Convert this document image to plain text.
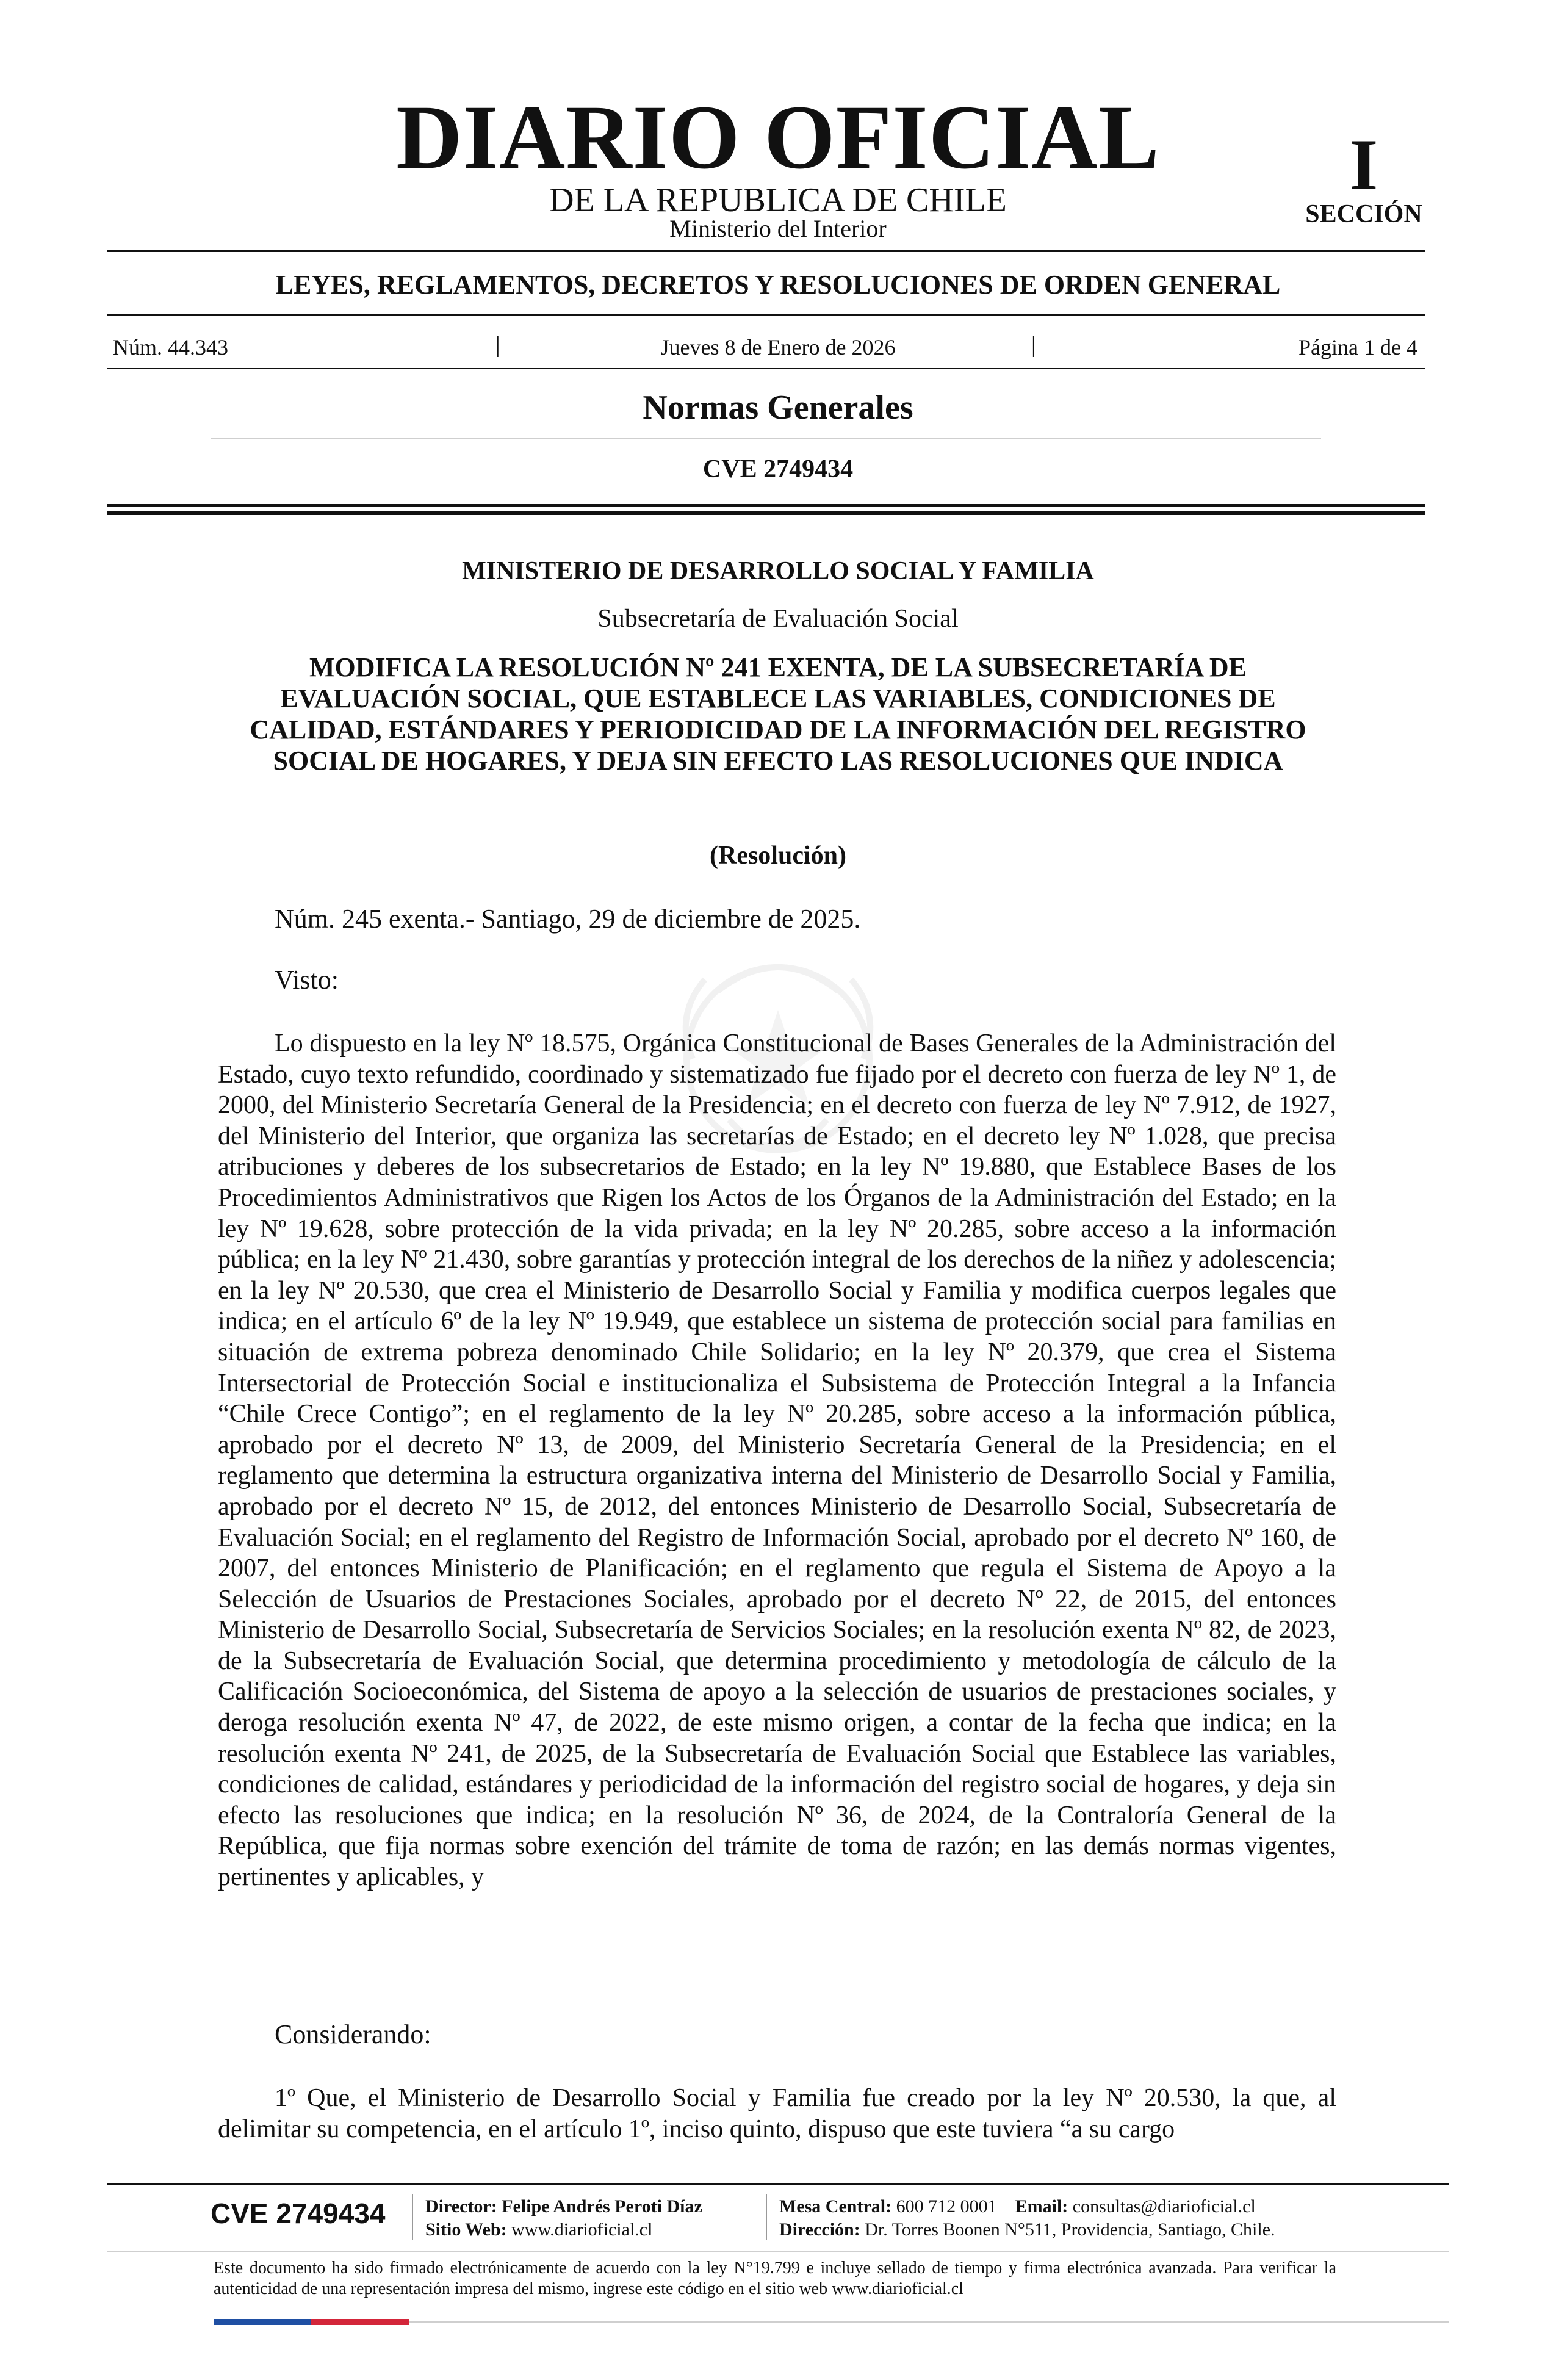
DIARIO OFICIAL
DE LA REPUBLICA DE CHILE
Ministerio del Interior
I
SECCIÓN
LEYES, REGLAMENTOS, DECRETOS Y RESOLUCIONES DE ORDEN GENERAL
Núm. 44.343	|	Jueves 8 de Enero de 2026	|	Página 1 de 4
Normas Generales
CVE 2749434
MINISTERIO DE DESARROLLO SOCIAL Y FAMILIA
Subsecretaría de Evaluación Social
MODIFICA LA RESOLUCIÓN Nº 241 EXENTA, DE LA SUBSECRETARÍA DE EVALUACIÓN SOCIAL, QUE ESTABLECE LAS VARIABLES, CONDICIONES DE CALIDAD, ESTÁNDARES Y PERIODICIDAD DE LA INFORMACIÓN DEL REGISTRO SOCIAL DE HOGARES, Y DEJA SIN EFECTO LAS RESOLUCIONES QUE INDICA
(Resolución)
Núm. 245 exenta.- Santiago, 29 de diciembre de 2025.
Visto:
Lo dispuesto en la ley Nº 18.575, Orgánica Constitucional de Bases Generales de la Administración del Estado, cuyo texto refundido, coordinado y sistematizado fue fijado por el decreto con fuerza de ley Nº 1, de 2000, del Ministerio Secretaría General de la Presidencia; en el decreto con fuerza de ley Nº 7.912, de 1927, del Ministerio del Interior, que organiza las secretarías de Estado; en el decreto ley Nº 1.028, que precisa atribuciones y deberes de los subsecretarios de Estado; en la ley Nº 19.880, que Establece Bases de los Procedimientos Administrativos que Rigen los Actos de los Órganos de la Administración del Estado; en la ley Nº 19.628, sobre protección de la vida privada; en la ley Nº 20.285, sobre acceso a la información pública; en la ley Nº 21.430, sobre garantías y protección integral de los derechos de la niñez y adolescencia; en la ley Nº 20.530, que crea el Ministerio de Desarrollo Social y Familia y modifica cuerpos legales que indica; en el artículo 6º de la ley Nº 19.949, que establece un sistema de protección social para familias en situación de extrema pobreza denominado Chile Solidario; en la ley Nº 20.379, que crea el Sistema Intersectorial de Protección Social e institucionaliza el Subsistema de Protección Integral a la Infancia “Chile Crece Contigo”; en el reglamento de la ley Nº 20.285, sobre acceso a la información pública, aprobado por el decreto Nº 13, de 2009, del Ministerio Secretaría General de la Presidencia; en el reglamento que determina la estructura organizativa interna del Ministerio de Desarrollo Social y Familia, aprobado por el decreto Nº 15, de 2012, del entonces Ministerio de Desarrollo Social, Subsecretaría de Evaluación Social; en el reglamento del Registro de Información Social, aprobado por el decreto Nº 160, de 2007, del entonces Ministerio de Planificación; en el reglamento que regula el Sistema de Apoyo a la Selección de Usuarios de Prestaciones Sociales, aprobado por el decreto Nº 22, de 2015, del entonces Ministerio de Desarrollo Social, Subsecretaría de Servicios Sociales; en la resolución exenta Nº 82, de 2023, de la Subsecretaría de Evaluación Social, que determina procedimiento y metodología de cálculo de la Calificación Socioeconómica, del Sistema de apoyo a la selección de usuarios de prestaciones sociales, y deroga resolución exenta Nº 47, de 2022, de este mismo origen, a contar de la fecha que indica; en la resolución exenta Nº 241, de 2025, de la Subsecretaría de Evaluación Social que Establece las variables, condiciones de calidad, estándares y periodicidad de la información del registro social de hogares, y deja sin efecto las resoluciones que indica; en la resolución Nº 36, de 2024, de la Contraloría General de la República, que fija normas sobre exención del trámite de toma de razón; en las demás normas vigentes, pertinentes y aplicables, y
Considerando:
1º Que, el Ministerio de Desarrollo Social y Familia fue creado por la ley Nº 20.530, la que, al delimitar su competencia, en el artículo 1º, inciso quinto, dispuso que este tuviera “a su cargo
CVE 2749434 Director: Felipe Andrés Peroti Díaz
Sitio Web: www.diarioficial.cl
Mesa Central: 600 712 0001 Email: consultas@diarioficial.cl
Dirección: Dr. Torres Boonen N°511, Providencia, Santiago, Chile.
Este documento ha sido firmado electrónicamente de acuerdo con la ley N°19.799 e incluye sellado de tiempo y firma electrónica avanzada. Para verificar la autenticidad de una representación impresa del mismo, ingrese este código en el sitio web www.diarioficial.cl
